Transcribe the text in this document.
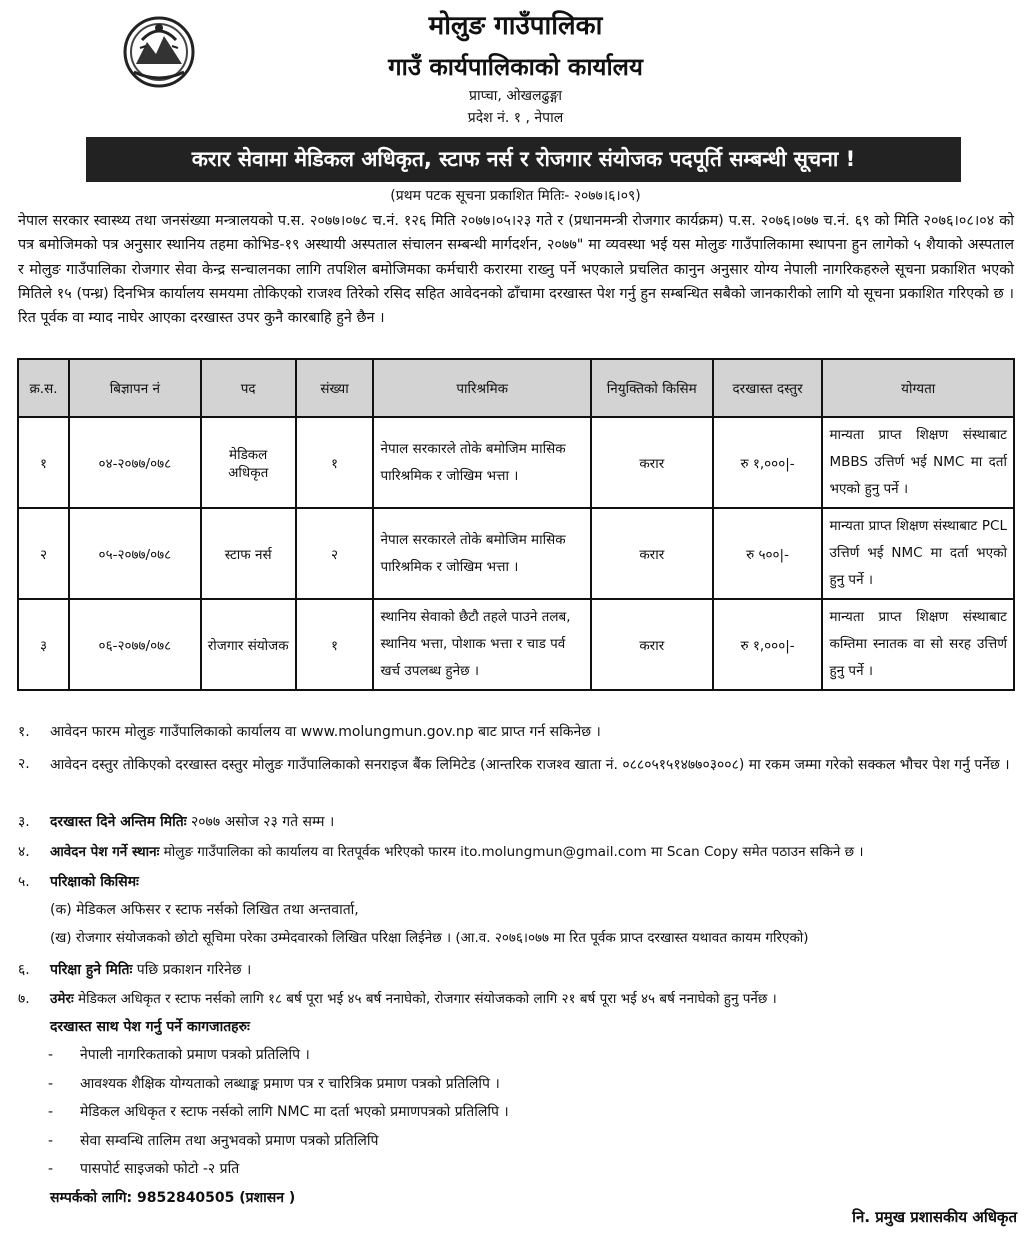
मोलुङ गाउँपालिका
गाउँ कार्यपालिकाको कार्यालय
प्राप्चा, ओखलढुङ्गा
प्रदेश नं. १ , नेपाल
करार सेवामा मेडिकल अधिकृत, स्टाफ नर्स र रोजगार संयोजक पदपूर्ति सम्बन्धी सूचना !
(प्रथम पटक सूचना प्रकाशित मितिः- २०७७।६।०९)

नेपाल सरकार स्वास्थ्य तथा जनसंख्या मन्त्रालयको प.स. २०७७।०७८ च.नं. १२६ मिति २०७७।०५।२३ गते र (प्रधानमन्त्री रोजगार कार्यक्रम) प.स. २०७६।०७७ च.नं. ६९ को मिति २०७६।०८।०४ को पत्र बमोजिमको पत्र अनुसार स्थानिय तहमा कोभिड-१९ अस्थायी अस्पताल संचालन सम्बन्धी मार्गदर्शन, २०७७" मा व्यवस्था भई यस मोलुङ गाउँपालिकामा स्थापना हुन लागेको ५ शैयाको अस्पताल र मोलुङ गाउँपालिका रोजगार सेवा केन्द्र सन्चालनका लागि तपशिल बमोजिमका कर्मचारी करारमा राख्नु पर्ने भएकाले प्रचलित कानुन अनुसार योग्य नेपाली नागरिकहरुले सूचना प्रकाशित भएको मितिले १५ (पन्ध्र) दिनभित्र कार्यालय समयमा तोकिएको राजश्व तिरेको रसिद सहित आवेदनको ढाँचामा दरखास्त पेश गर्नु हुन सम्बन्धित सबैको जानकारीको लागि यो सूचना प्रकाशित गरिएको छ । रित पूर्वक वा म्याद नाघेर आएका दरखास्त उपर कुनै कारबाहि हुने छैन ।

क्र.स.	बिज्ञापन नं	पद	संख्या	पारिश्रमिक	नियुक्तिको किसिम	दरखास्त दस्तुर	योग्यता
१	०४-२०७७/०७८	मेडिकल अधिकृत	१	नेपाल सरकारले तोके बमोजिम मासिक पारिश्रमिक र जोखिम भत्ता ।	करार	रु १,०००|-	मान्यता प्राप्त शिक्षण संस्थाबाट MBBS उत्तिर्ण भई NMC मा दर्ता भएको हुनु पर्ने ।
२	०५-२०७७/०७८	स्टाफ नर्स	२	नेपाल सरकारले तोके बमोजिम मासिक पारिश्रमिक र जोखिम भत्ता ।	करार	रु ५००|-	मान्यता प्राप्त शिक्षण संस्थाबाट PCL उत्तिर्ण भई NMC मा दर्ता भएको हुनु पर्ने ।
३	०६-२०७७/०७८	रोजगार संयोजक	१	स्थानिय सेवाको छैटौ तहले पाउने तलब, स्थानिय भत्ता, पोशाक भत्ता र चाड पर्व खर्च उपलब्ध हुनेछ ।	करार	रु १,०००|-	मान्यता प्राप्त शिक्षण संस्थाबाट कम्तिमा स्नातक वा सो सरह उत्तिर्ण हुनु पर्ने ।
१. आवेदन फारम मोलुङ गाउँपालिकाको कार्यालय वा www.molungmun.gov.np बाट प्राप्त गर्न सकिनेछ ।
२. आवेदन दस्तुर तोकिएको दरखास्त दस्तुर मोलुङ गाउँपालिकाको सनराइज बैंक लिमिटेड (आन्तरिक राजश्व खाता नं. ०८८०५१५१४७७०३००८) मा रकम जम्मा गरेको सक्कल भौचर पेश गर्नु पर्नेछ ।
३. दरखास्त दिने अन्तिम मितिः २०७७ असोज २३ गते सम्म ।
४. आवेदन पेश गर्ने स्थानः मोलुङ गाउँपालिका को कार्यालय वा रितपूर्वक भरिएको फारम ito.molungmun@gmail.com मा Scan Copy समेत पठाउन सकिने छ ।
५. परिक्षाको किसिमः
(क) मेडिकल अफिसर र स्टाफ नर्सको लिखित तथा अन्तवार्ता,
(ख) रोजगार संयोजकको छोटो सूचिमा परेका उम्मेदवारको लिखित परिक्षा लिईनेछ । (आ.व. २०७६।०७७ मा रित पूर्वक प्राप्त दरखास्त यथावत कायम गरिएको)
६. परिक्षा हुने मितिः पछि प्रकाशन गरिनेछ ।
७. उमेरः मेडिकल अधिकृत र स्टाफ नर्सको लागि १८ बर्ष पूरा भई ४५ बर्ष ननाघेको, रोजगार संयोजकको लागि २१ बर्ष पूरा भई ४५ बर्ष ननाघेको हुनु पर्नेछ ।
दरखास्त साथ पेश गर्नु पर्ने कागजातहरुः
- नेपाली नागरिकताको प्रमाण पत्रको प्रतिलिपि ।
- आवश्यक शैक्षिक योग्यताको लब्धाङ्क प्रमाण पत्र र चारित्रिक प्रमाण पत्रको प्रतिलिपि ।
- मेडिकल अधिकृत र स्टाफ नर्सको लागि NMC मा दर्ता भएको प्रमाणपत्रको प्रतिलिपि ।
- सेवा सम्वन्धि तालिम तथा अनुभवको प्रमाण पत्रको प्रतिलिपि
- पासपोर्ट साइजको फोटो -२ प्रति
सम्पर्कको लागि: 9852840505 (प्रशासन )
नि. प्रमुख प्रशासकीय अधिकृत
